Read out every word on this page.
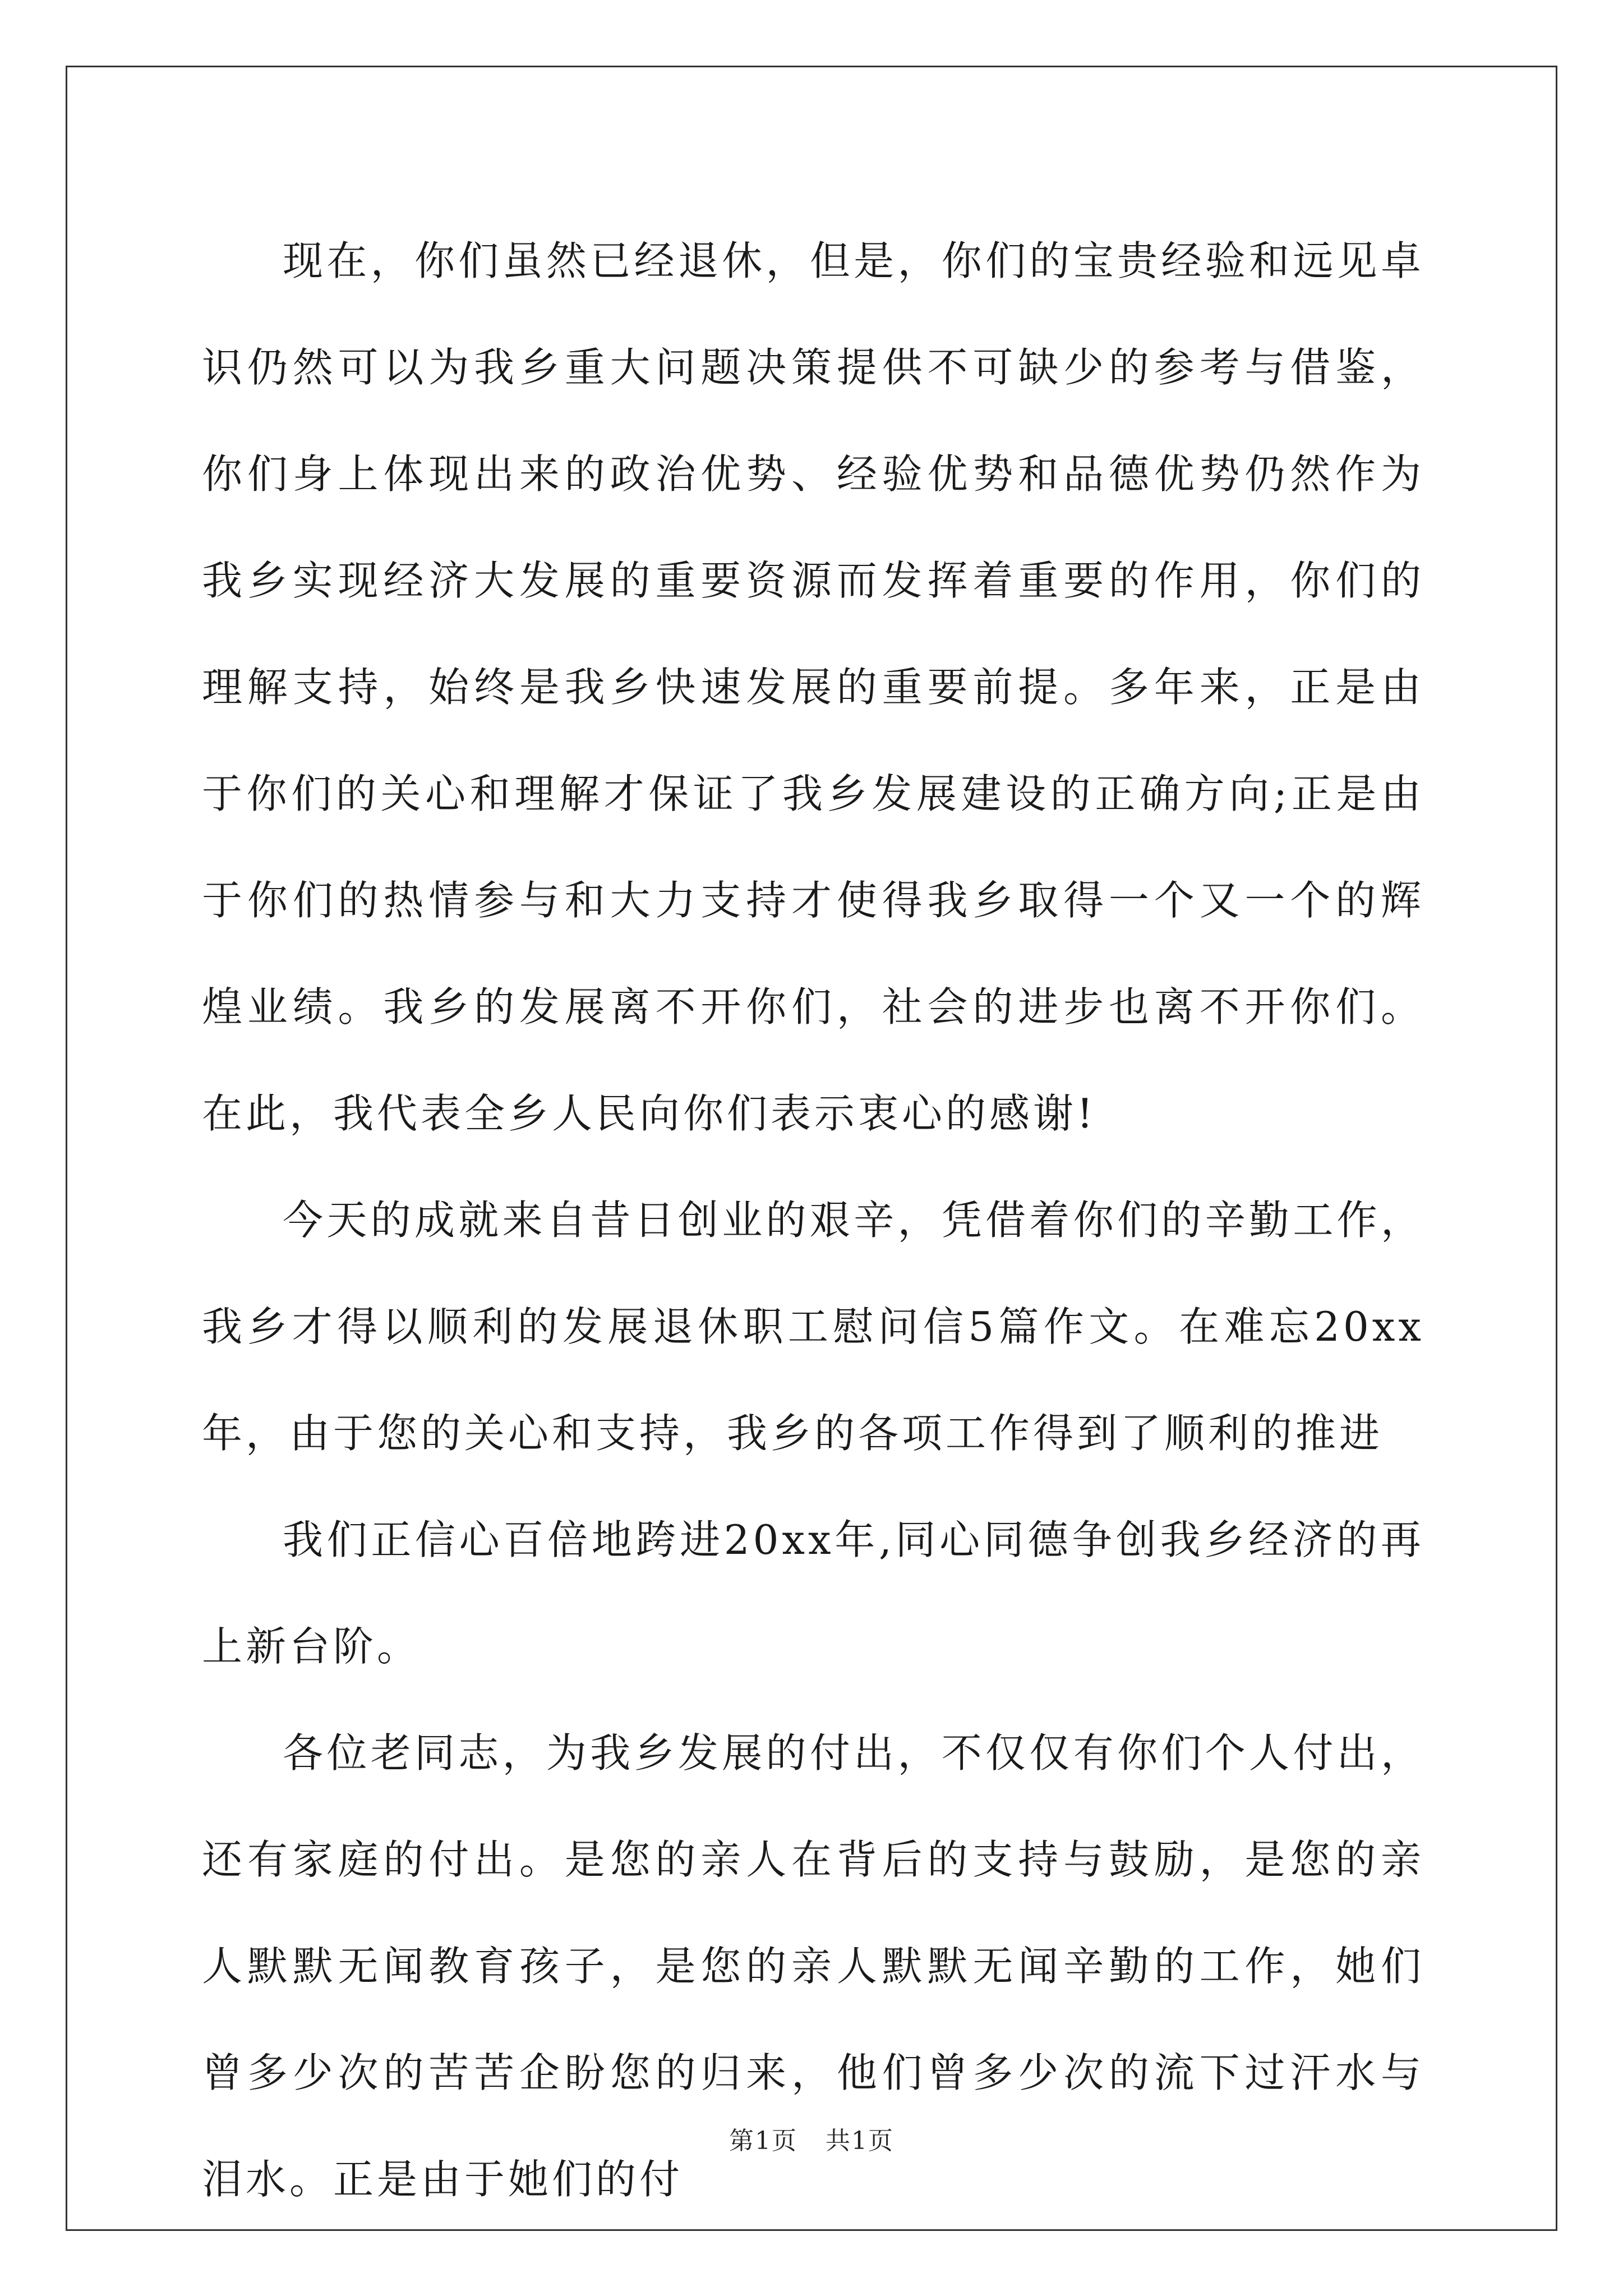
现在，你们虽然已经退休，但是，你们的宝贵经验和远见卓识仍然可以为我乡重大问题决策提供不可缺少的参考与借鉴，你们身上体现出来的政治优势、经验优势和品德优势仍然作为我乡实现经济大发展的重要资源而发挥着重要的作用，你们的理解支持，始终是我乡快速发展的重要前提。多年来，正是由于你们的关心和理解才保证了我乡发展建设的正确方向;正是由于你们的热情参与和大力支持才使得我乡取得一个又一个的辉煌业绩。我乡的发展离不开你们，社会的进步也离不开你们。在此，我代表全乡人民向你们表示衷心的感谢!

今天的成就来自昔日创业的艰辛，凭借着你们的辛勤工作，我乡才得以顺利的发展退休职工慰问信5篇作文。在难忘20xx年，由于您的关心和支持，我乡的各项工作得到了顺利的推进

我们正信心百倍地跨进20xx年,同心同德争创我乡经济的再上新台阶。

各位老同志，为我乡发展的付出，不仅仅有你们个人付出，还有家庭的付出。是您的亲人在背后的支持与鼓励，是您的亲人默默无闻教育孩子，是您的亲人默默无闻辛勤的工作，她们曾多少次的苦苦企盼您的归来，他们曾多少次的流下过汗水与泪水。正是由于她们的付

第1页 共1页
